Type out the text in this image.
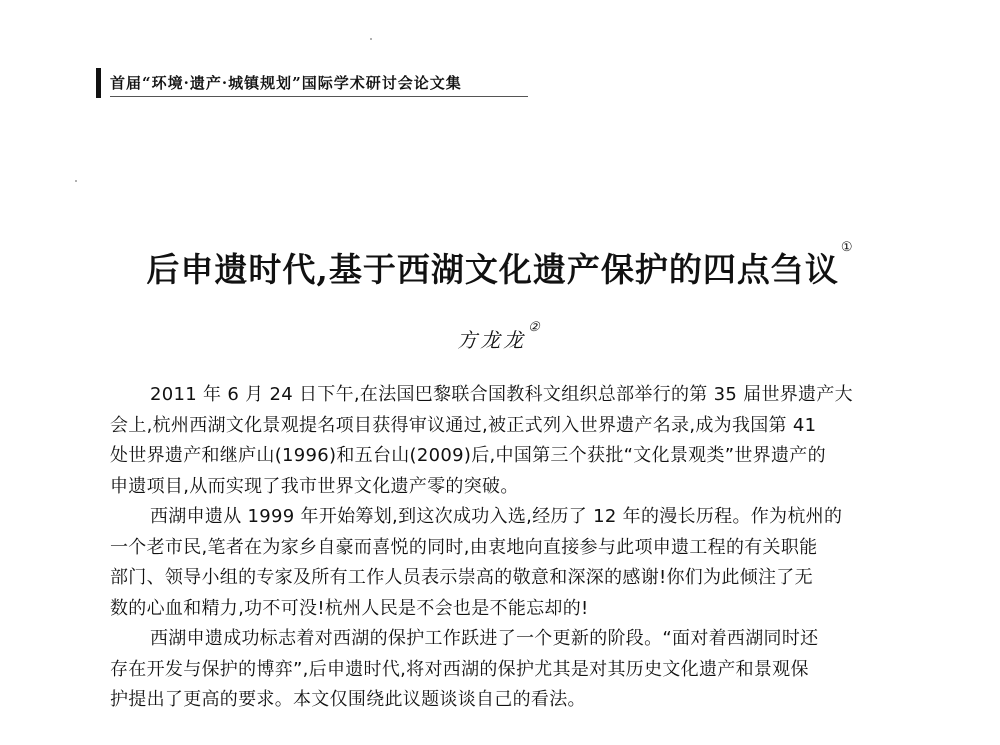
首届“环境·遗产·城镇规划”国际学术研讨会论文集
后申遗时代,基于西湖文化遗产保护的四点刍议①
方龙龙②

2011 年 6 月 24 日下午,在法国巴黎联合国教科文组织总部举行的第 35 届世界遗产大
会上,杭州西湖文化景观提名项目获得审议通过,被正式列入世界遗产名录,成为我国第 41
处世界遗产和继庐山(1996)和五台山(2009)后,中国第三个获批“文化景观类”世界遗产的
申遗项目,从而实现了我市世界文化遗产零的突破。

西湖申遗从 1999 年开始筹划,到这次成功入选,经历了 12 年的漫长历程。作为杭州的
一个老市民,笔者在为家乡自豪而喜悦的同时,由衷地向直接参与此项申遗工程的有关职能
部门、领导小组的专家及所有工作人员表示崇高的敬意和深深的感谢!你们为此倾注了无
数的心血和精力,功不可没!杭州人民是不会也是不能忘却的!

西湖申遗成功标志着对西湖的保护工作跃进了一个更新的阶段。“面对着西湖同时还
存在开发与保护的博弈”,后申遗时代,将对西湖的保护尤其是对其历史文化遗产和景观保
护提出了更高的要求。本文仅围绕此议题谈谈自己的看法。
